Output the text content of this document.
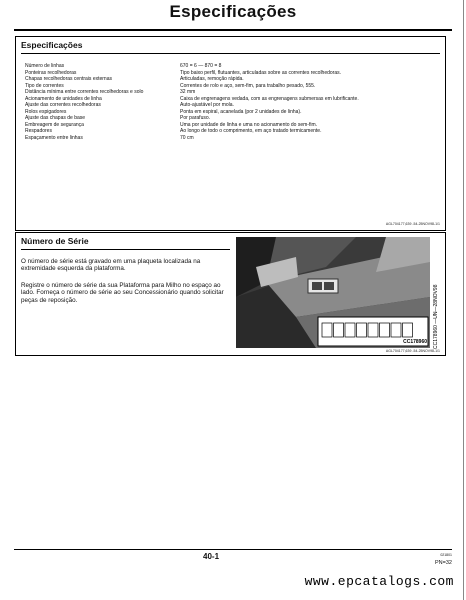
Especificações
Especificações
Número de linhas	670 = 6 — 870 = 8
Ponteiras recolhedoras	Tipo baixo perfil, flutuantes, articuladas sobre as correntes recolhedoras.
Chapas recolhedoras centrais externas	Articuladas, remoção rápida.
Tipo de correntes	Correntes de rolo e aço, sem-fim, para trabalho pesado, 555.
Distância mínima entre correntes recolhedoras e solo	32 mm
Acionamento de unidades de linha	Caixa de engrenagens vedada, com as engrenagens submersas em lubrificante.
Ajuste das correntes recolhedoras	Auto-ajustável por mola.
Rolos espigadores	Ponta em espiral, acanelada (por 2 unidades de linha).
Ajuste das chapas de base	Por parafuso.
Embreagem de segurança	Uma por unidade de linha e uma no acionamento do sem-fim.
Respadores	Ao longo de todo o comprimento, em aço tratado termicamente.
Espaçamento entre linhas	70 cm
AGL704177,639 -54-25NOV98-1/1
Número de Série
O número de série está gravado em uma plaqueta localizada na extremidade esquerda da plataforma.
Registre o número de série da sua Plataforma para Milho no espaço ao lado. Forneça o número de série ao seu Concessionário quando solicitar peças de reposição.
CC178960 CC178960 —UN—28NOV98
AGL704177,639 -54-25NOV98-1/1
40-1	021801
PN=32
www.epcatalogs.com
